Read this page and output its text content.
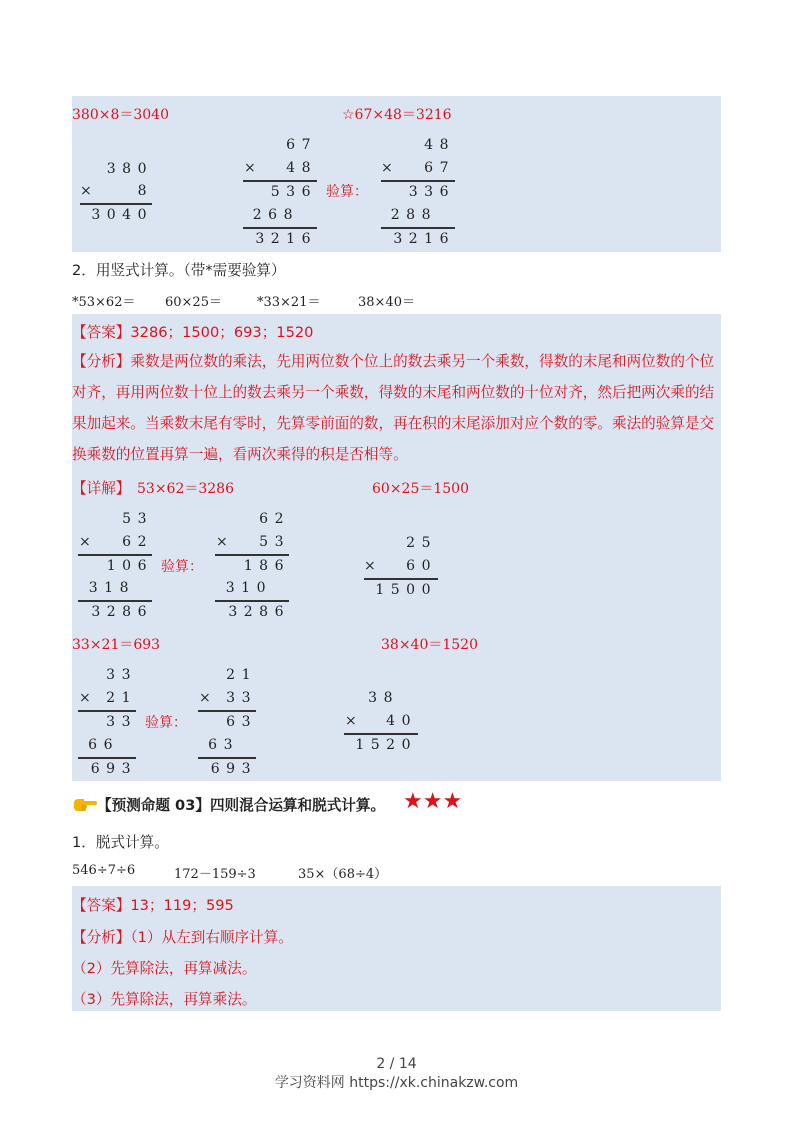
380×8＝3040	☆67×48＝3216
380
×	8
3040
67
× 48
536
268
3216
验算：
48
× 67
336
288
3216
2．用竖式计算。（带*需要验算）
*53×62＝ 60×25＝	*33×21＝	38×40＝
【答案】3286；1500；693；1520
【分析】乘数是两位数的乘法，先用两位数个位上的数去乘另一个乘数，得数的末尾和两位数的个位对齐，再用两位数十位上的数去乘另一个乘数，得数的末尾和两位数的十位对齐，然后把两次乘的结果加起来。当乘数末尾有零时，先算零前面的数，再在积的末尾添加对应个数的零。乘法的验算是交换乘数的位置再算一遍，看两次乘得的积是否相等。
【详解】 53×62＝3286	60×25＝1500
53
× 62
106
318
3286
验算：
62
× 53
186
310
3286
25
× 60
1500
33×21＝693	38×40＝1520
33
× 21
33
66
693
验算：
21
× 33
63
63
693
38
× 40
1520
【预测命题 03】四则混合运算和脱式计算。 ★★★
1．脱式计算。
546÷7÷6	172－159÷3	35×（68÷4）
【答案】13；119；595
【分析】（1）从左到右顺序计算。
（2）先算除法，再算减法。
（3）先算除法，再算乘法。
2 / 14
学习资料网 https://xk.chinakzw.com
